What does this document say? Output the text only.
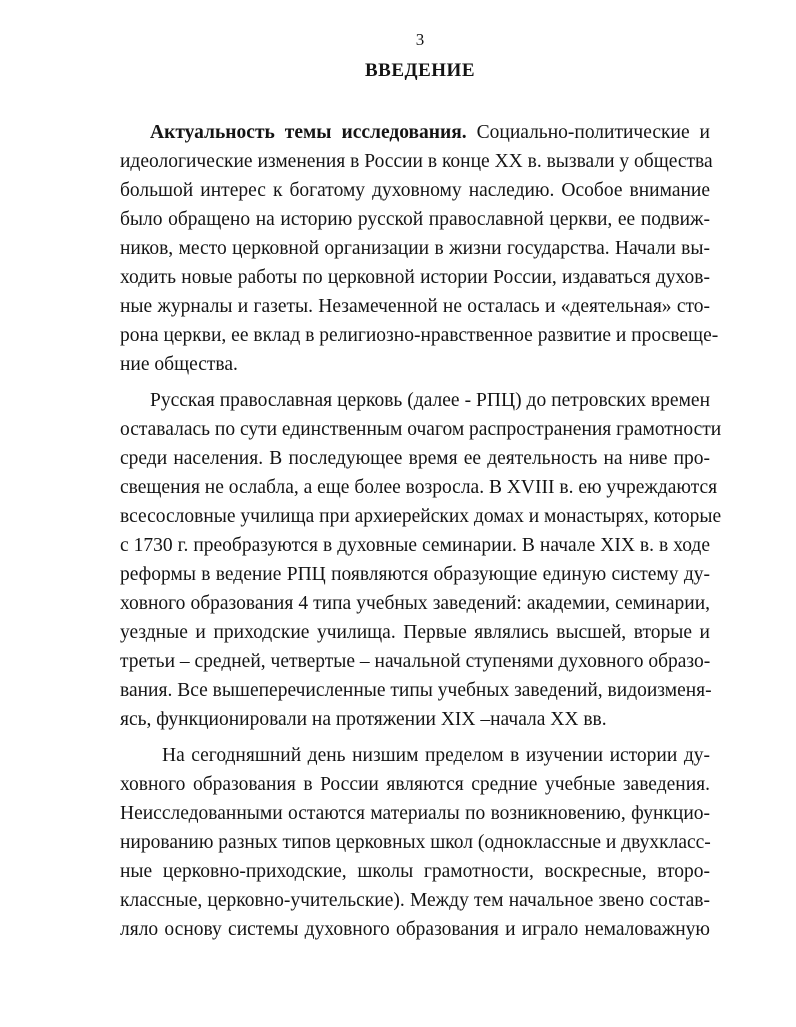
3
ВВЕДЕНИЕ
Актуальность темы исследования. Социально-политические и
идеологические изменения в России в конце XX в. вызвали у общества
большой интерес к богатому духовному наследию. Особое внимание
было обращено на историю русской православной церкви, ее подвиж-
ников, место церковной организации в жизни государства. Начали вы-
ходить новые работы по церковной истории России, издаваться духов-
ные журналы и газеты. Незамеченной не осталась и «деятельная» сто-
рона церкви, ее вклад в религиозно-нравственное развитие и просвеще-
ние общества.
Русская православная церковь (далее - РПЦ) до петровских времен
оставалась по сути единственным очагом распространения грамотности
среди населения. В последующее время ее деятельность на ниве про-
свещения не ослабла, а еще более возросла. В XVIII в. ею учреждаются
всесословные училища при архиерейских домах и монастырях, которые
с 1730 г. преобразуются в духовные семинарии. В начале XIX в. в ходе
реформы в ведение РПЦ появляются образующие единую систему ду-
ховного образования 4 типа учебных заведений: академии, семинарии,
уездные и приходские училища. Первые являлись высшей, вторые и
третьи – средней, четвертые – начальной ступенями духовного образо-
вания. Все вышеперечисленные типы учебных заведений, видоизменя-
ясь, функционировали на протяжении XIX –начала XX вв.
На сегодняшний день низшим пределом в изучении истории ду-
ховного образования в России являются средние учебные заведения.
Неисследованными остаются материалы по возникновению, функцио-
нированию разных типов церковных школ (одноклассные и двухкласс-
ные церковно-приходские, школы грамотности, воскресные, второ-
классные, церковно-учительские). Между тем начальное звено состав-
ляло основу системы духовного образования и играло немаловажную
